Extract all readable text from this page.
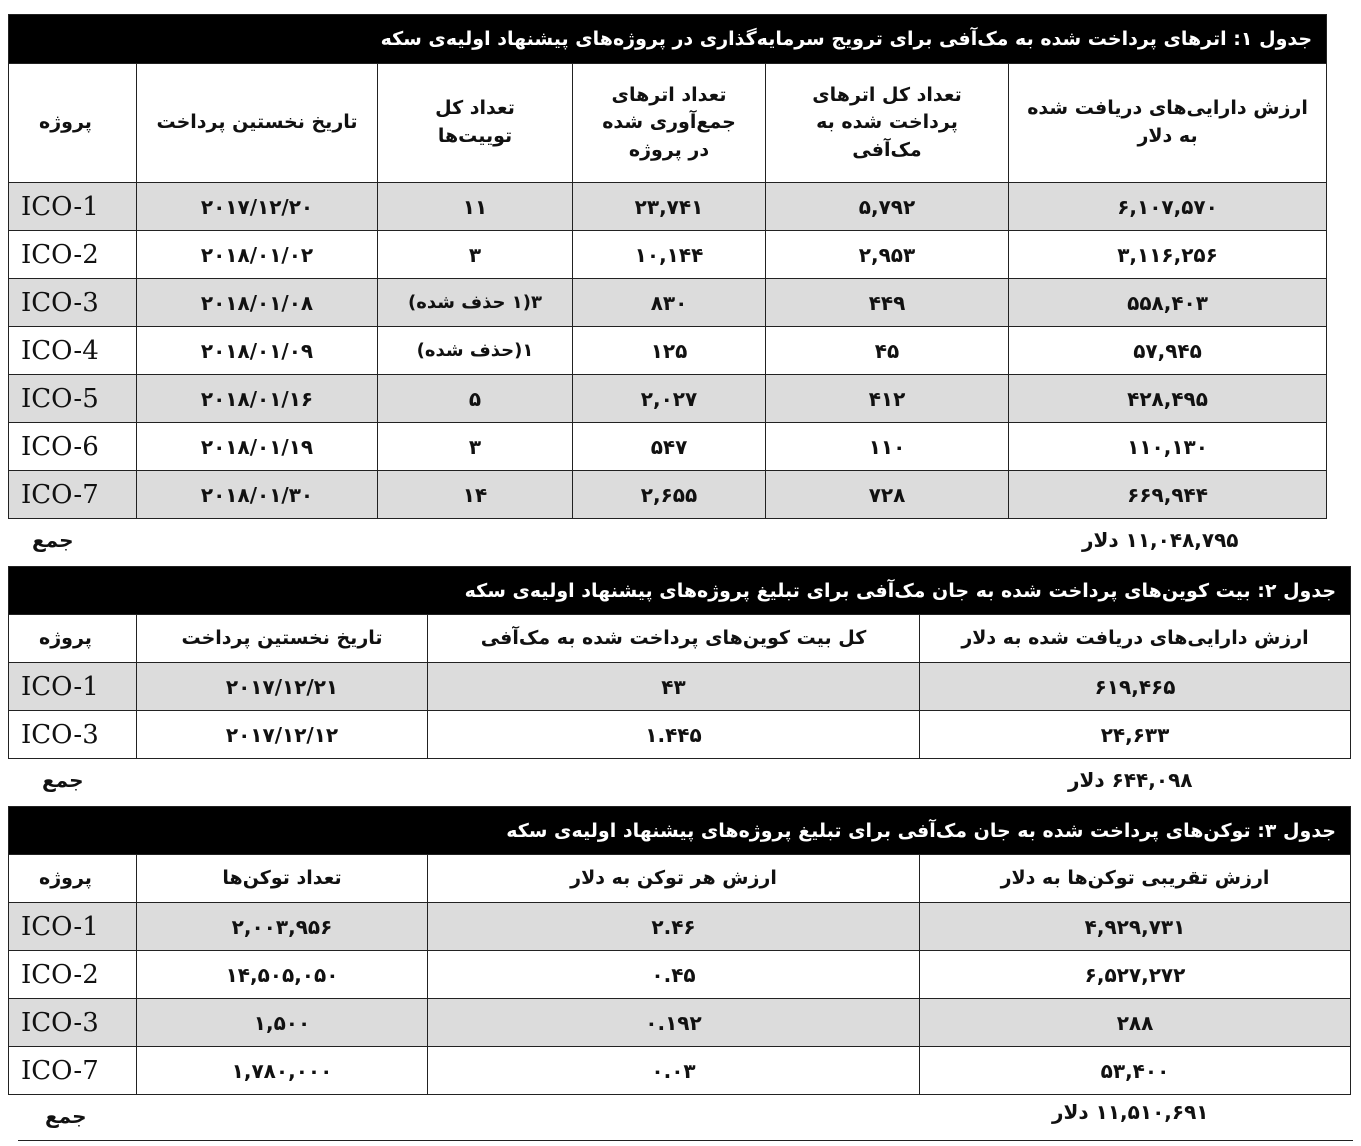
جدول ۱: اترهای پرداخت شده به مک‌آفی برای ترویج سرمایه‌گذاری در پروژه‌های پیشنهاد اولیه‌ی سکه					
پروژه	تاریخ نخستین پرداخت	تعداد کل توییت‌ها	تعداد اترهای جمع‌آوری شده در پروژه	تعداد کل اترهای پرداخت شده به مک‌آفی	ارزش دارایی‌های دریافت شده به دلار
ICO-1	۲۰۱۷/۱۲/۲۰	۱۱	۲۳,۷۴۱	۵,۷۹۲	۶,۱۰۷,۵۷۰
ICO-2	۲۰۱۸/۰۱/۰۲	۳	۱۰,۱۴۴	۲,۹۵۳	۳,۱۱۶,۲۵۶
ICO-3	۲۰۱۸/۰۱/۰۸	۳(۱ حذف شده)	۸۳۰	۴۴۹	۵۵۸,۴۰۳
ICO-4	۲۰۱۸/۰۱/۰۹	۱(حذف شده)	۱۲۵	۴۵	۵۷,۹۴۵
ICO-5	۲۰۱۸/۰۱/۱۶	۵	۲,۰۲۷	۴۱۲	۴۲۸,۴۹۵
ICO-6	۲۰۱۸/۰۱/۱۹	۳	۵۴۷	۱۱۰	۱۱۰,۱۳۰
ICO-7	۲۰۱۸/۰۱/۳۰	۱۴	۲,۶۵۵	۷۲۸	۶۶۹,۹۴۴
جمع	۱۱,۰۴۸,۷۹۵ دلار
جدول ۲: بیت کوین‌های پرداخت شده به جان مک‌آفی برای تبلیغ پروژه‌های پیشنهاد اولیه‌ی سکه			
پروژه	تاریخ نخستین پرداخت	کل بیت کوین‌های پرداخت شده به مک‌آفی	ارزش دارایی‌های دریافت شده به دلار
ICO-1	۲۰۱۷/۱۲/۲۱	۴۳	۶۱۹,۴۶۵
ICO-3	۲۰۱۷/۱۲/۱۲	۱.۴۴۵	۲۴,۶۳۳
جمع	۶۴۴,۰۹۸ دلار
جدول ۳: توکن‌های پرداخت شده به جان مک‌آفی برای تبلیغ پروژه‌های پیشنهاد اولیه‌ی سکه			
پروژه	تعداد توکن‌ها	ارزش هر توکن به دلار	ارزش تقریبی توکن‌ها به دلار
ICO-1	۲,۰۰۳,۹۵۶	۲.۴۶	۴,۹۲۹,۷۳۱
ICO-2	۱۴,۵۰۵,۰۵۰	۰.۴۵	۶,۵۲۷,۲۷۲
ICO-3	۱,۵۰۰	۰.۱۹۲	۲۸۸
ICO-7	۱,۷۸۰,۰۰۰	۰.۰۳	۵۳,۴۰۰
جمع	۱۱,۵۱۰,۶۹۱ دلار
